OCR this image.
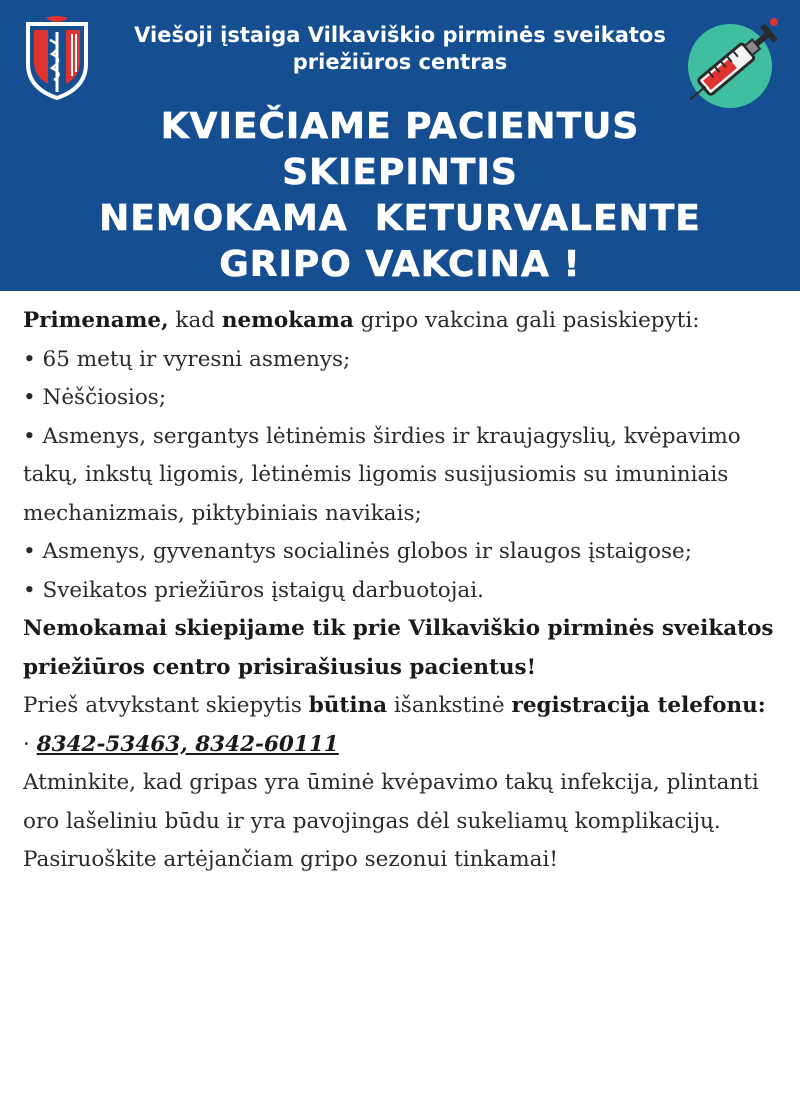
Viešoji įstaiga Vilkaviškio pirminės sveikatos priežiūros centras
KVIEČIAME PACIENTUS
SKIEPINTIS
NEMOKAMA  KETURVALENTE
GRIPO VAKCINA !

Primename, kad nemokama gripo vakcina gali pasiskiepyti:

• 65 metų ir vyresni asmenys;

• Nėščiosios;

• Asmenys, sergantys lėtinėmis širdies ir kraujagyslių, kvėpavimo takų, inkstų ligomis, lėtinėmis ligomis susijusiomis su imuniniais mechanizmais, piktybiniais navikais;

• Asmenys, gyvenantys socialinės globos ir slaugos įstaigose;

• Sveikatos priežiūros įstaigų darbuotojai.

Nemokamai skiepijame tik prie Vilkaviškio pirminės sveikatos priežiūros centro prisirašiusius pacientus!

Prieš atvykstant skiepytis būtina išankstinė registracija telefonu:

· 8342-53463, 8342-60111

Atminkite, kad gripas yra ūminė kvėpavimo takų infekcija, plintanti oro lašeliniu būdu ir yra pavojingas dėl sukeliamų komplikacijų.

Pasiruoškite artėjančiam gripo sezonui tinkamai!
